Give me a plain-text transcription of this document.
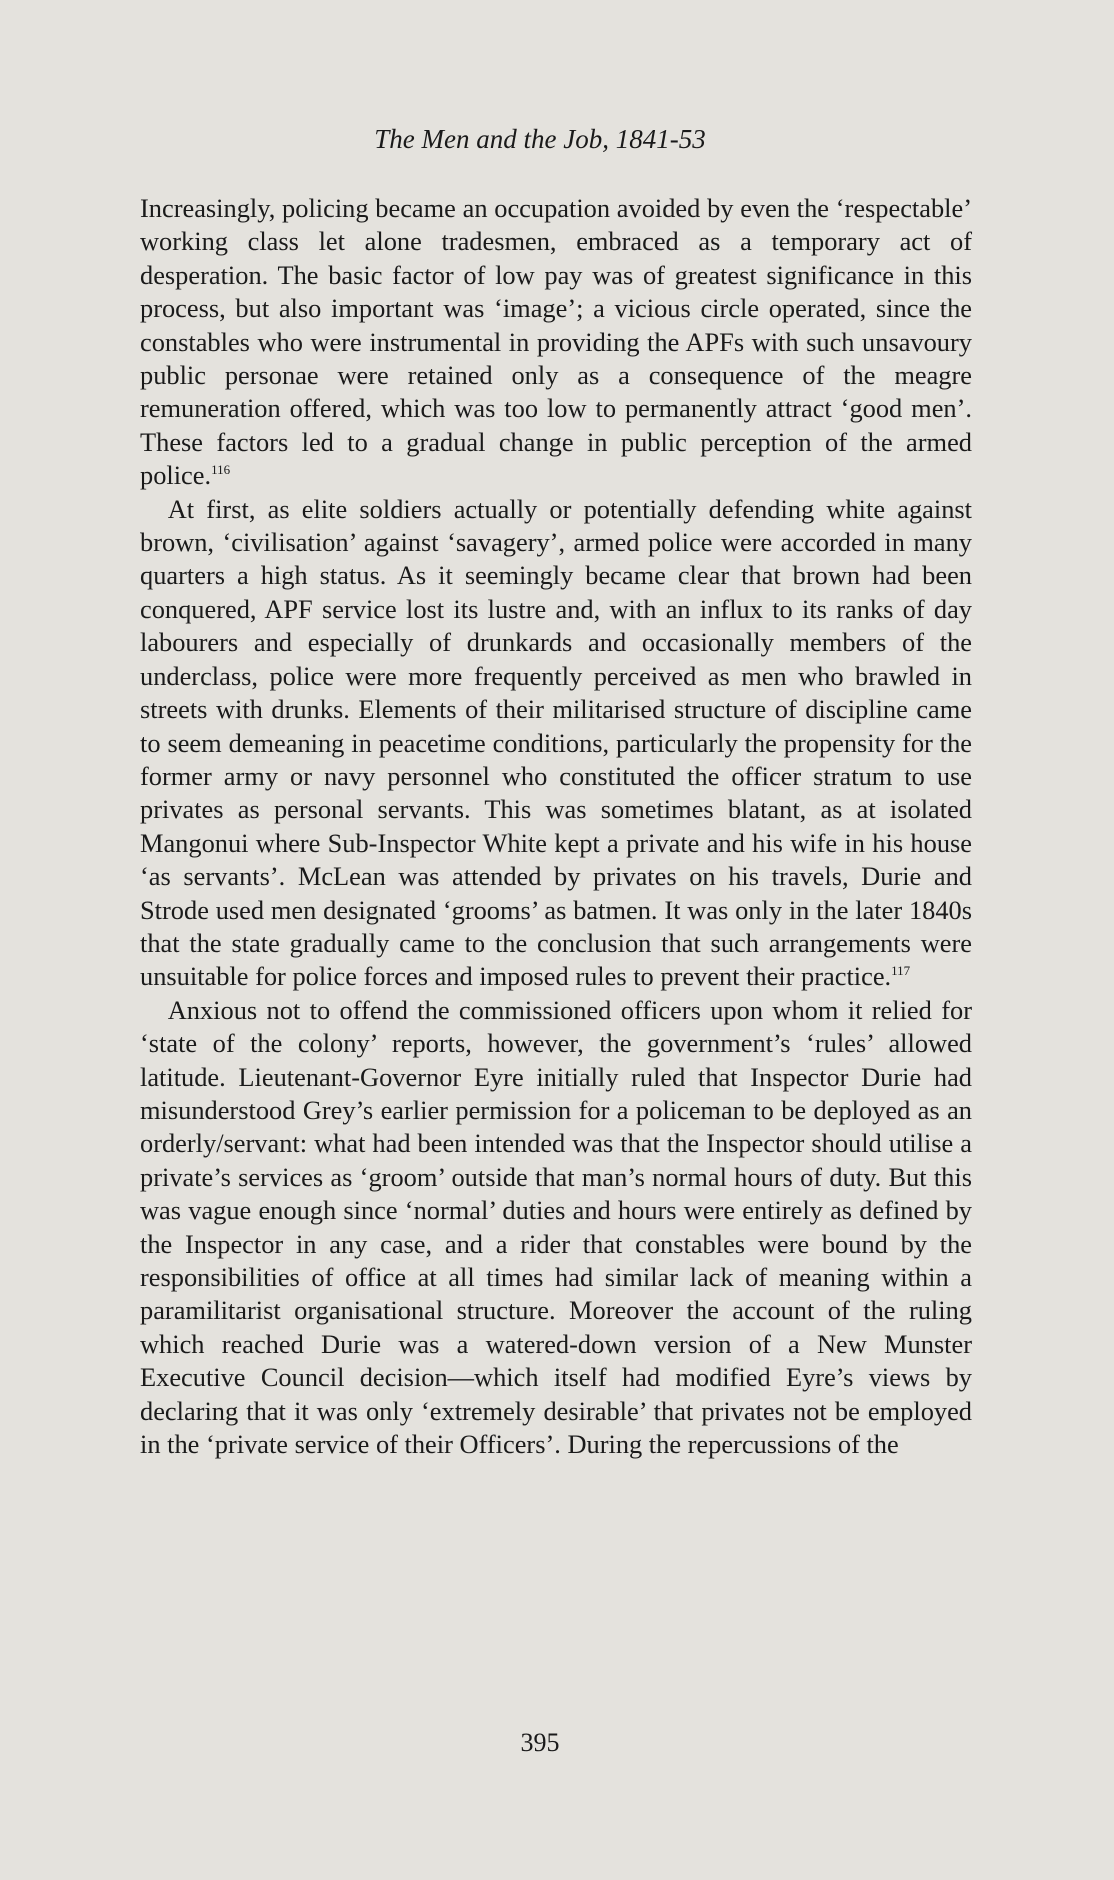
The Men and the Job, 1841-53

Increasingly, policing became an occupation avoided by even the ‘respectable’ working class let alone tradesmen, embraced as a temporary act of desperation. The basic factor of low pay was of greatest significance in this process, but also important was ‘image’; a vicious circle operated, since the constables who were instrumental in providing the APFs with such unsavoury public personae were retained only as a consequence of the meagre remuneration offered, which was too low to permanently attract ‘good men’. These factors led to a gradual change in public perception of the armed police.$^{116}$

At first, as elite soldiers actually or potentially defending white against brown, ‘civilisation’ against ‘savagery’, armed police were accorded in many quarters a high status. As it seemingly became clear that brown had been conquered, APF service lost its lustre and, with an influx to its ranks of day labourers and especially of drunkards and occasionally members of the underclass, police were more frequently perceived as men who brawled in streets with drunks. Elements of their militarised structure of discipline came to seem demeaning in peacetime conditions, particularly the propensity for the former army or navy personnel who constituted the officer stratum to use privates as personal servants. This was sometimes blatant, as at isolated Mangonui where Sub-Inspector White kept a private and his wife in his house ‘as servants’. McLean was attended by privates on his travels, Durie and Strode used men designated ‘grooms’ as batmen. It was only in the later 1840s that the state gradually came to the conclusion that such arrangements were unsuitable for police forces and imposed rules to prevent their practice.$^{117}$

Anxious not to offend the commissioned officers upon whom it relied for ‘state of the colony’ reports, however, the government’s ‘rules’ allowed latitude. Lieutenant-Governor Eyre initially ruled that Inspector Durie had misunderstood Grey’s earlier permission for a policeman to be deployed as an orderly/servant: what had been intended was that the Inspector should utilise a private’s services as ‘groom’ outside that man’s normal hours of duty. But this was vague enough since ‘normal’ duties and hours were entirely as defined by the Inspector in any case, and a rider that constables were bound by the responsibilities of office at all times had similar lack of meaning within a paramilitarist organisational structure. Moreover the account of the ruling which reached Durie was a watered-down version of a New Munster Executive Council decision—which itself had modified Eyre’s views by declaring that it was only ‘extremely desirable’ that privates not be employed in the ‘private service of their Officers’. During the repercussions of the

395
